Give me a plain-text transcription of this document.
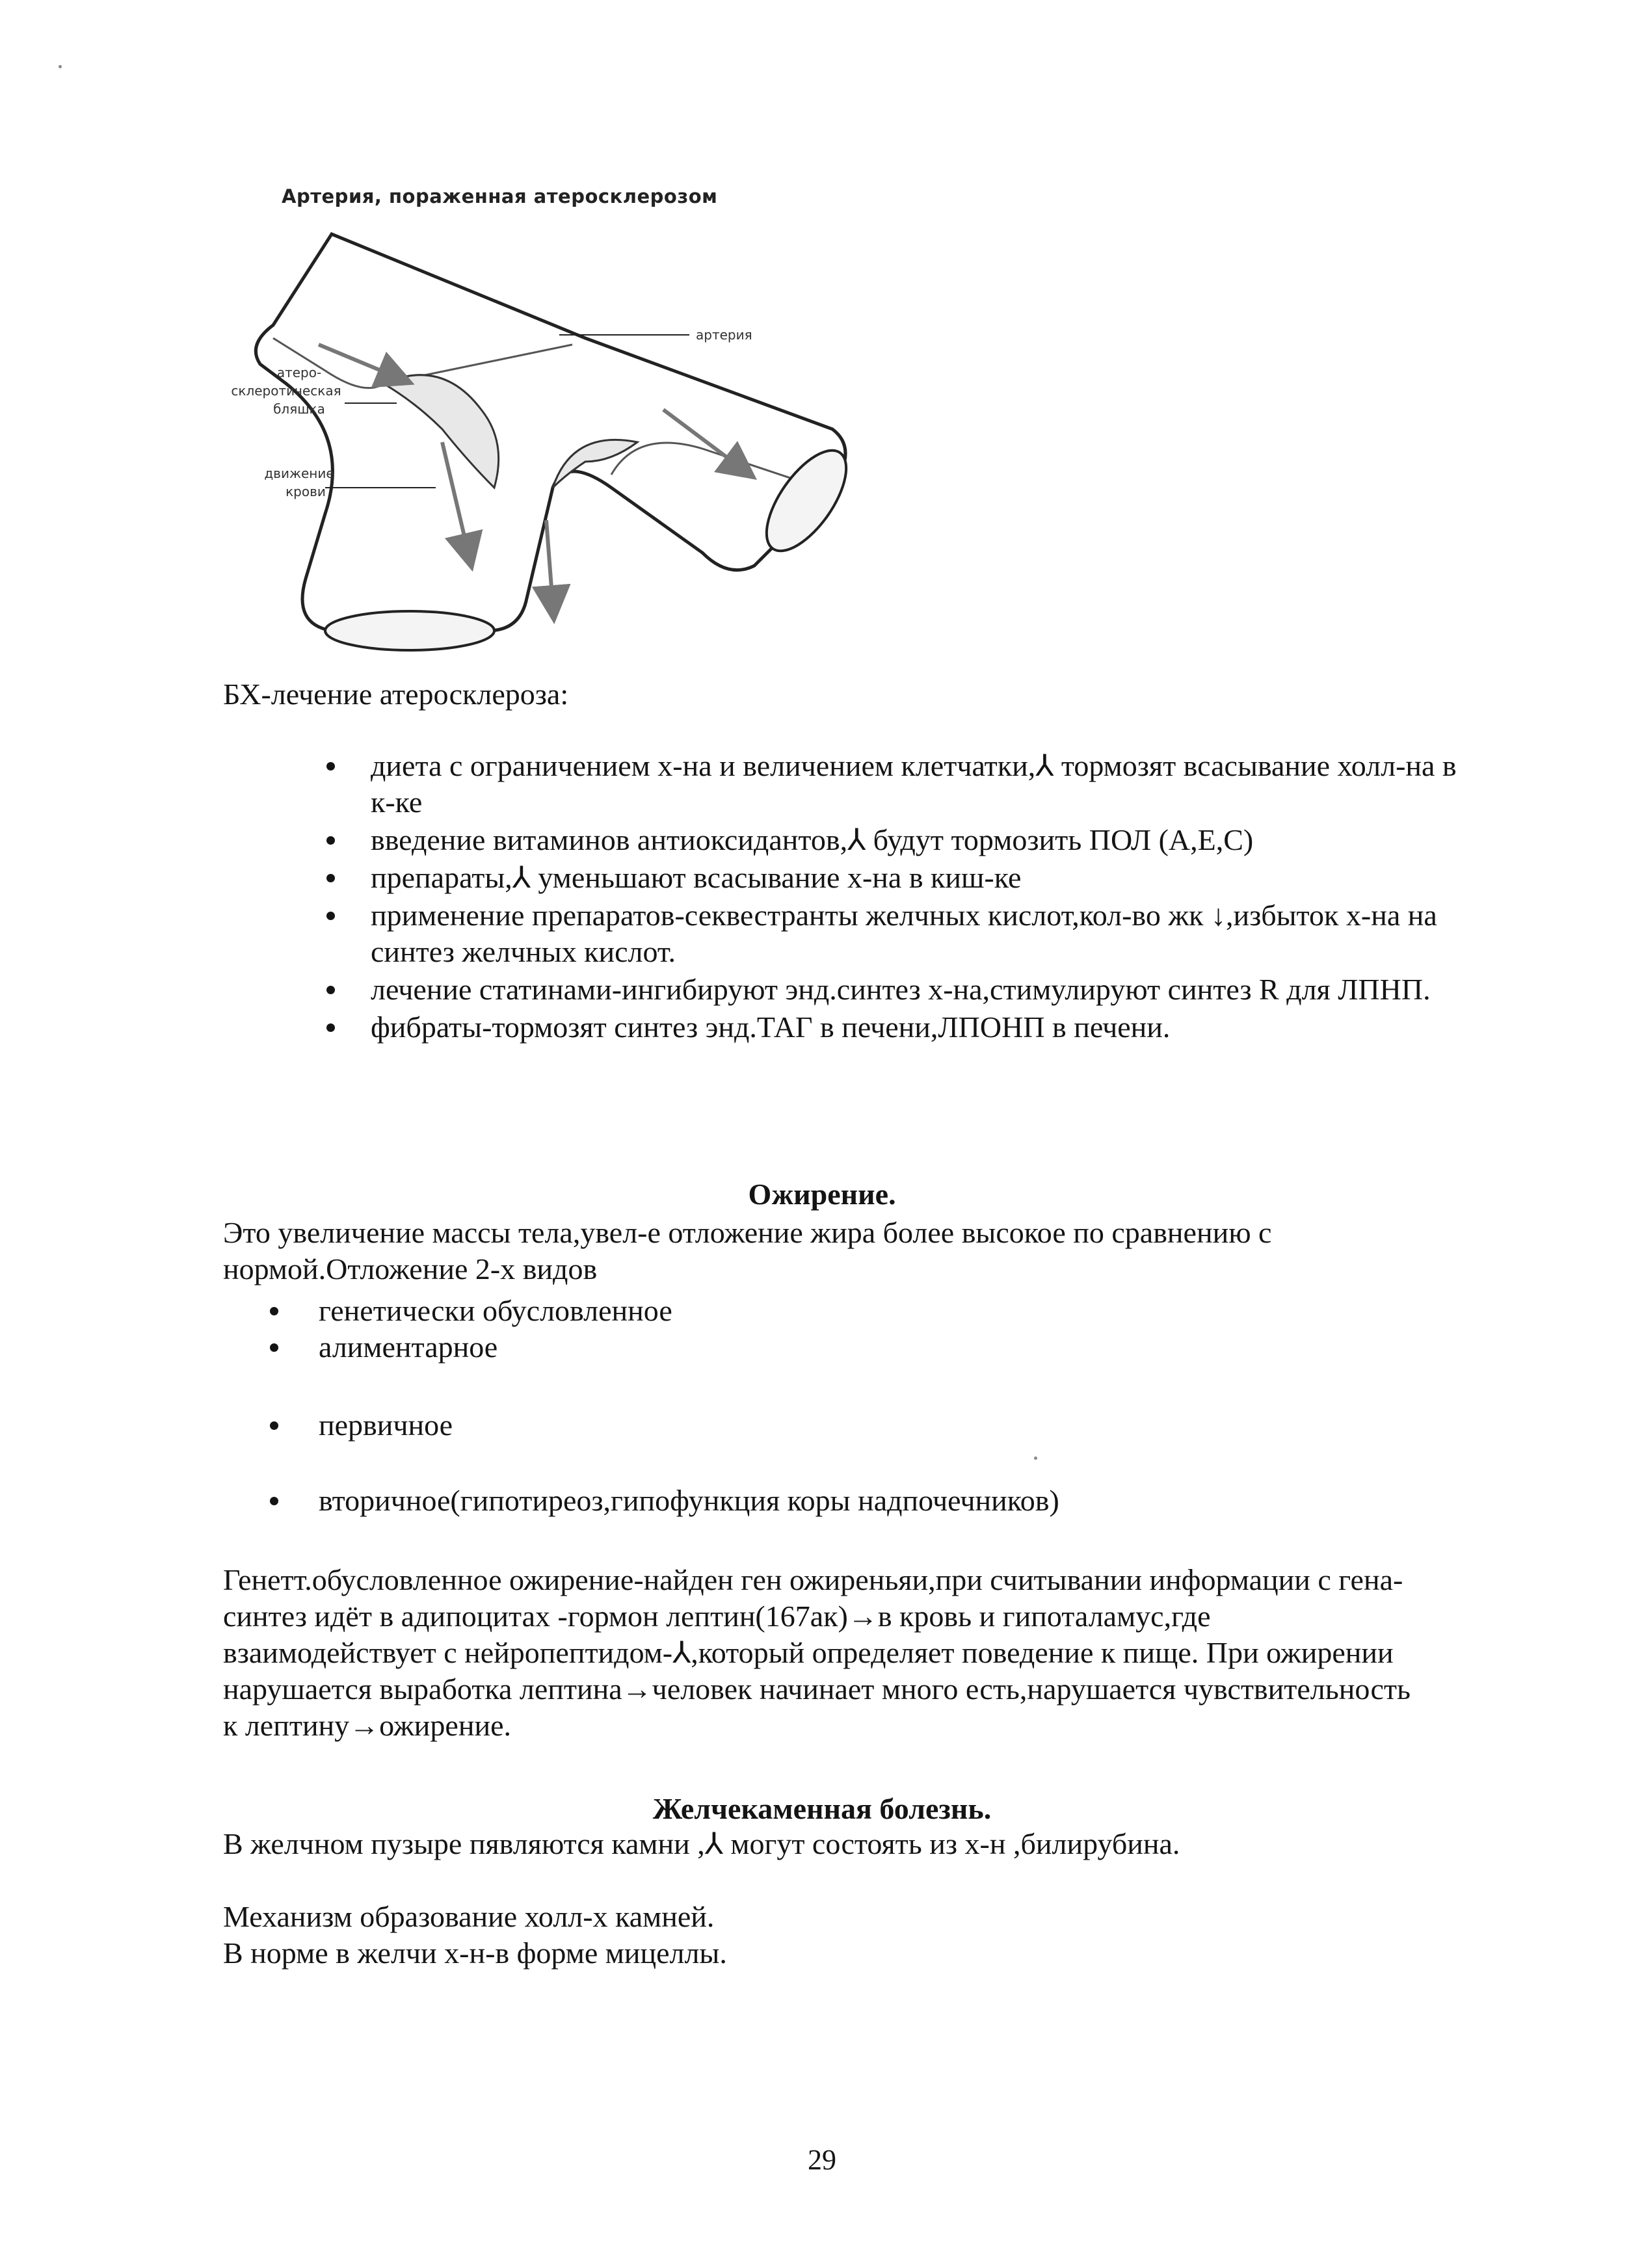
Артерия, пораженная атеросклерозом
артерия
атеро-
склеротическая
бляшка
движение
крови
БХ-лечение атеросклероза:
диета с ограничением х-на и величением клетчатки,⅄ тормозят всасывание холл-на в к-ке
введение витаминов антиоксидантов,⅄ будут тормозить ПОЛ (А,Е,С)
препараты,⅄ уменьшают всасывание х-на в киш-ке
применение препаратов-секвестранты желчных кислот,кол-во жк ↓,избыток х-на на синтез желчных кислот.
лечение статинами-ингибируют энд.синтез х-на,стимулируют синтез R для ЛПНП.
фибраты-тормозят синтез энд.ТАГ в печени,ЛПОНП в печени.
Ожирение.
Это увеличение массы тела,увел-е отложение жира более высокое по сравнению с нормой.Отложение 2-х видов
генетически обусловленное
алиментарное
первичное
вторичное(гипотиреоз,гипофункция коры надпочечников)
Генетт.обусловленное ожирение-найден ген ожиреньяи,при считывании информации с гена-синтез идёт в адипоцитах -гормон лептин(167ак)→в кровь и гипоталамус,где взаимодействует с нейропептидом-⅄,который определяет поведение к пище. При ожирении нарушается выработка лептина→человек начинает много есть,нарушается чувствительность к лептину→ожирение.
Желчекаменная болезнь.
В желчном пузыре пявляются камни ,⅄ могут состоять из х-н ,билирубина.
Механизм образование холл-х камней.
В норме в желчи х-н-в форме мицеллы.
29
